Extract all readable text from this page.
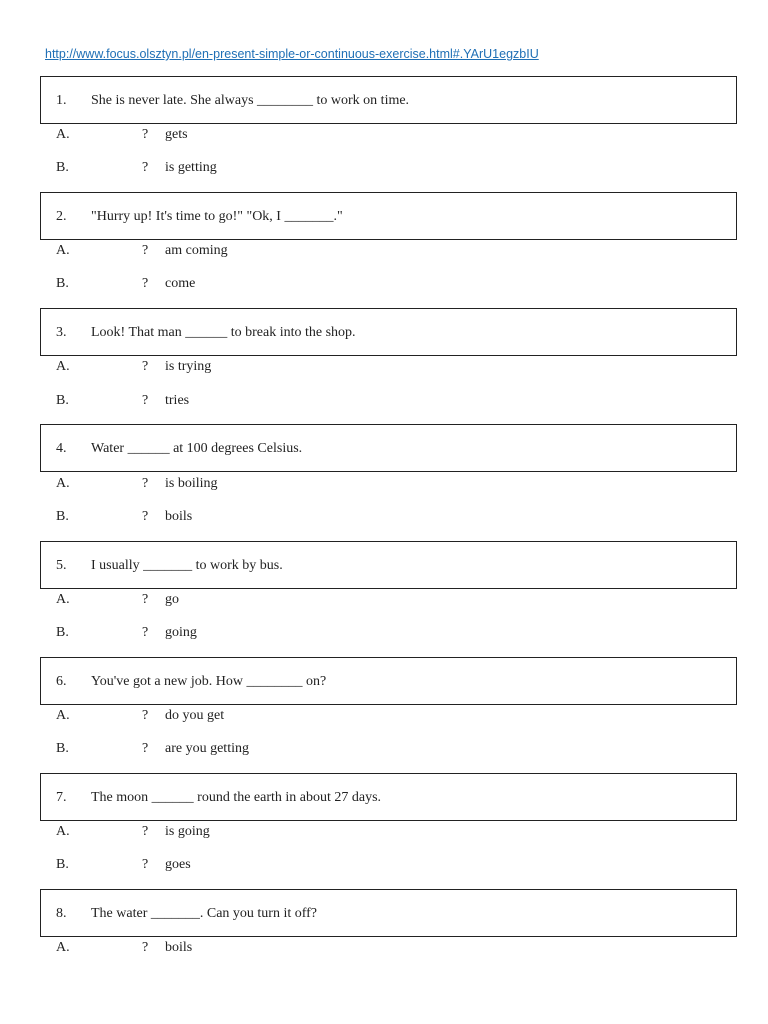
http://www.focus.olsztyn.pl/en-present-simple-or-continuous-exercise.html#.YArU1egzbIU
1. She is never late. She always ________ to work on time.
A.	? gets
B.	? is getting
2. "Hurry up! It's time to go!" "Ok, I _______."
A.	? am coming
B.	? come
3. Look! That man ______ to break into the shop.
A.	? is trying
B.	? tries
4. Water ______ at 100 degrees Celsius.
A.	? is boiling
B.	? boils
5. I usually _______ to work by bus.
A.	? go
B.	? going
6. You've got a new job. How ________ on?
A.	? do you get
B.	? are you getting
7. The moon ______ round the earth in about 27 days.
A.	? is going
B.	? goes
8. The water _______. Can you turn it off?
A.	? boils
